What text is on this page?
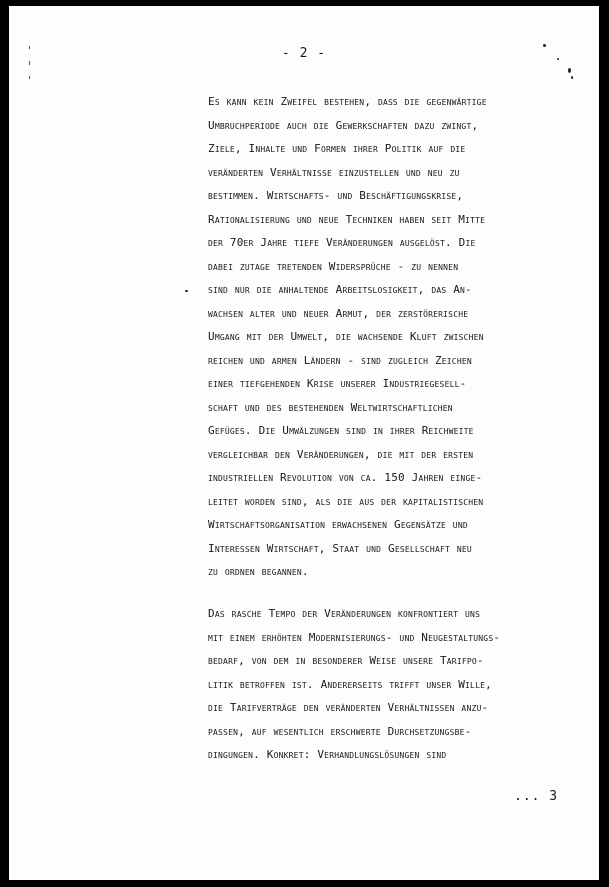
- 2 -

Es kann kein Zweifel bestehen, daß die gegenwärtige
Umbruchperiode auch die Gewerkschaften dazu zwingt,
Ziele, Inhalte und Formen ihrer Politik auf die
veränderten Verhältnisse einzustellen und neu zu
bestimmen. Wirtschafts- und Beschäftigungskrise,
Rationalisierung und neue Techniken haben seit Mitte
der 70er Jahre tiefe Veränderungen ausgelöst. Die
dabei zutage tretenden Widersprüche - zu nennen
sind nur die anhaltende Arbeitslosigkeit, das An-
wachsen alter und neuer Armut, der zerstörerische
Umgang mit der Umwelt, die wachsende Kluft zwischen
reichen und armen Ländern - sind zugleich Zeichen
einer tiefgehenden Krise unserer Industriegesell-
schaft und des bestehenden Weltwirtschaftlichen
Gefüges. Die Umwälzungen sind in ihrer Reichweite
vergleichbar den Veränderungen, die mit der ersten
industriellen Revolution von ca. 150 Jahren einge-
leitet worden sind, als die aus der kapitalistischen
Wirtschaftsorganisation erwachsenen Gegensätze und
Interessen Wirtschaft, Staat und Gesellschaft neu
zu ordnen begannen.

Das rasche Tempo der Veränderungen konfrontiert uns
mit einem erhöhten Modernisierungs- und Neugestaltungs-
bedarf, von dem in besonderer Weise unsere Tarifpo-
litik betroffen ist. Andererseits trifft unser Wille,
die Tarifverträge den veränderten Verhältnissen anzu-
passen, auf wesentlich erschwerte Durchsetzungsbe-
dingungen. Konkret: Verhandlungslösungen sind

... 3
